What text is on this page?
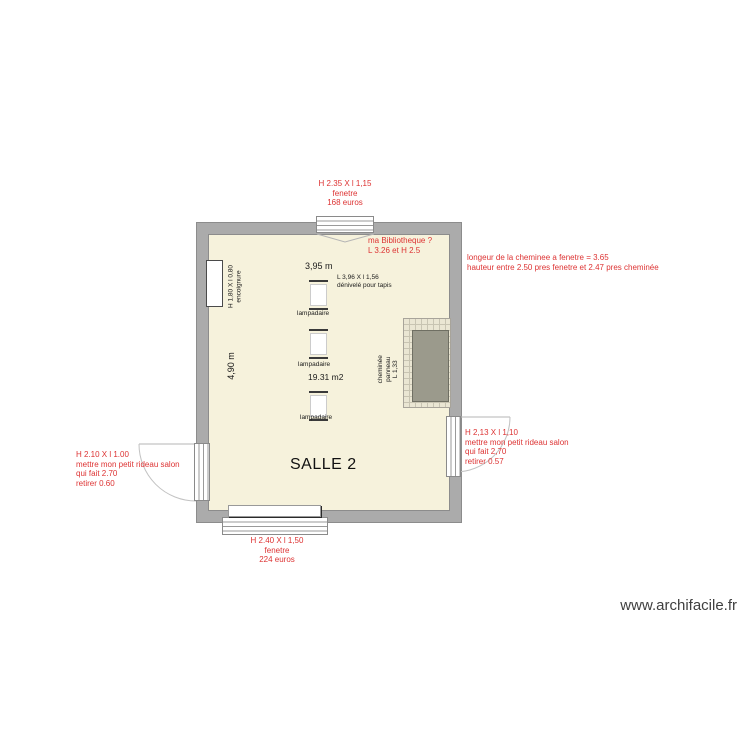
3,95 m
4,90 m
L 3,96 X l 1,56
dénivelé pour tapis
lampadaire
lampadaire
lampadaire
19.31 m2
H 1,80 X l 0,80 encoignure
cheminée panneau L 1,33
SALLE 2
H 2.35 X l 1,15
fenetre
168 euros
ma Bibliotheque ?
L 3.26 et H 2.5
longeur de la cheminee a fenetre = 3.65
hauteur entre 2.50 pres fenetre et 2.47 pres cheminée
H 2.10 X l 1.00
mettre mon petit rideau salon
qui fait 2.70
retirer 0.60
H 2,13 X l 1,10
mettre mon petit rideau salon
qui fait 2,70
retirer 0.57
H 2.40 X l 1,50
fenetre
224 euros
www.archifacile.fr
